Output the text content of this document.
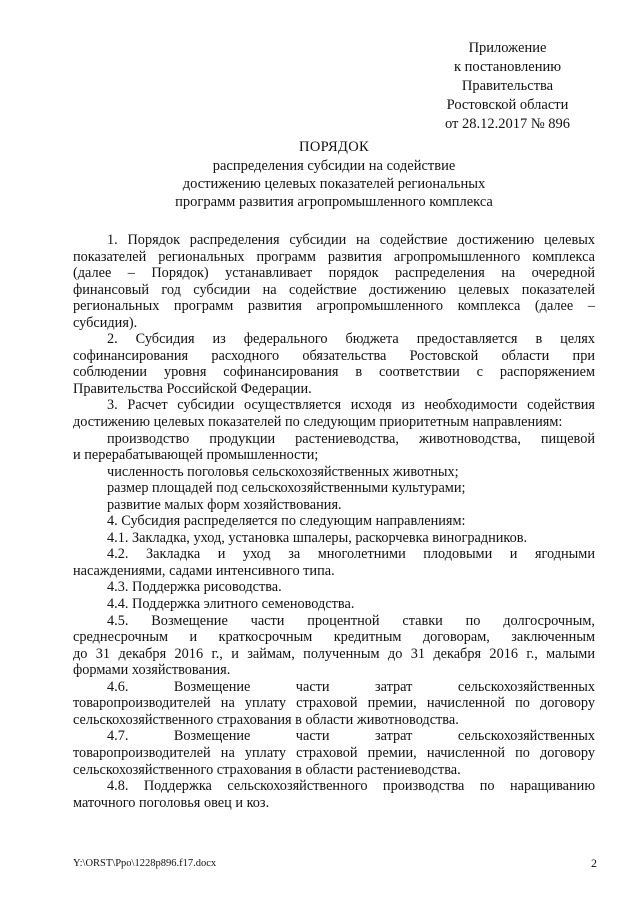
Приложение
к постановлению
Правительства
Ростовской области
от 28.12.2017 № 896
ПОРЯДОК
распределения субсидии на содействие
достижению целевых показателей региональных
программ развития агропромышленного комплекса
1. Порядок распределения субсидии на содействие достижению целевых
показателей региональных программ развития агропромышленного комплекса
(далее – Порядок) устанавливает порядок распределения на очередной
финансовый год субсидии на содействие достижению целевых показателей
региональных программ развития агропромышленного комплекса (далее –
субсидия).
2. Субсидия из федерального бюджета предоставляется в целях
софинансирования расходного обязательства Ростовской области при
соблюдении уровня софинансирования в соответствии с распоряжением
Правительства Российской Федерации.
3. Расчет субсидии осуществляется исходя из необходимости содействия
достижению целевых показателей по следующим приоритетным направлениям:
производство продукции растениеводства, животноводства, пищевой
и перерабатывающей промышленности;
численность поголовья сельскохозяйственных животных;
размер площадей под сельскохозяйственными культурами;
развитие малых форм хозяйствования.
4. Субсидия распределяется по следующим направлениям:
4.1. Закладка, уход, установка шпалеры, раскорчевка виноградников.
4.2. Закладка и уход за многолетними плодовыми и ягодными
насаждениями, садами интенсивного типа.
4.3. Поддержка рисоводства.
4.4. Поддержка элитного семеноводства.
4.5. Возмещение части процентной ставки по долгосрочным,
среднесрочным и краткосрочным кредитным договорам, заключенным
до 31 декабря 2016 г., и займам, полученным до 31 декабря 2016 г., малыми
формами хозяйствования.
4.6. Возмещение части затрат сельскохозяйственных
товаропроизводителей на уплату страховой премии, начисленной по договору
сельскохозяйственного страхования в области животноводства.
4.7. Возмещение части затрат сельскохозяйственных
товаропроизводителей на уплату страховой премии, начисленной по договору
сельскохозяйственного страхования в области растениеводства.
4.8. Поддержка сельскохозяйственного производства по наращиванию
маточного поголовья овец и коз.
Y:\ORST\Ppo\1228p896.f17.docx	2
